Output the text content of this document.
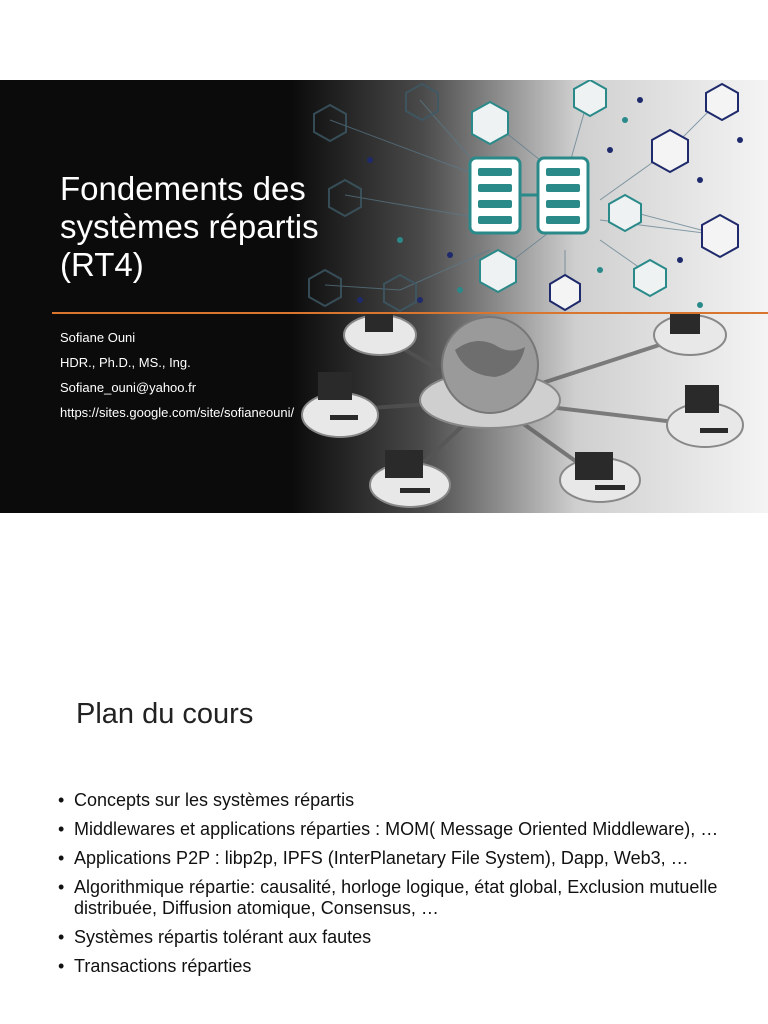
Fondements des
systèmes répartis
(RT4)
Sofiane Ouni
HDR., Ph.D., MS., Ing.
Sofiane_ouni@yahoo.fr
https://sites.google.com/site/sofianeouni/
Plan du cours
• Concepts sur les systèmes répartis
• Middlewares et applications réparties : MOM( Message Oriented Middleware), …
• Applications P2P : libp2p, IPFS (InterPlanetary File System), Dapp, Web3, …
• Algorithmique répartie: causalité, horloge logique, état global, Exclusion mutuelle distribuée, Diffusion atomique, Consensus, …
• Systèmes répartis tolérant aux fautes
• Transactions réparties
